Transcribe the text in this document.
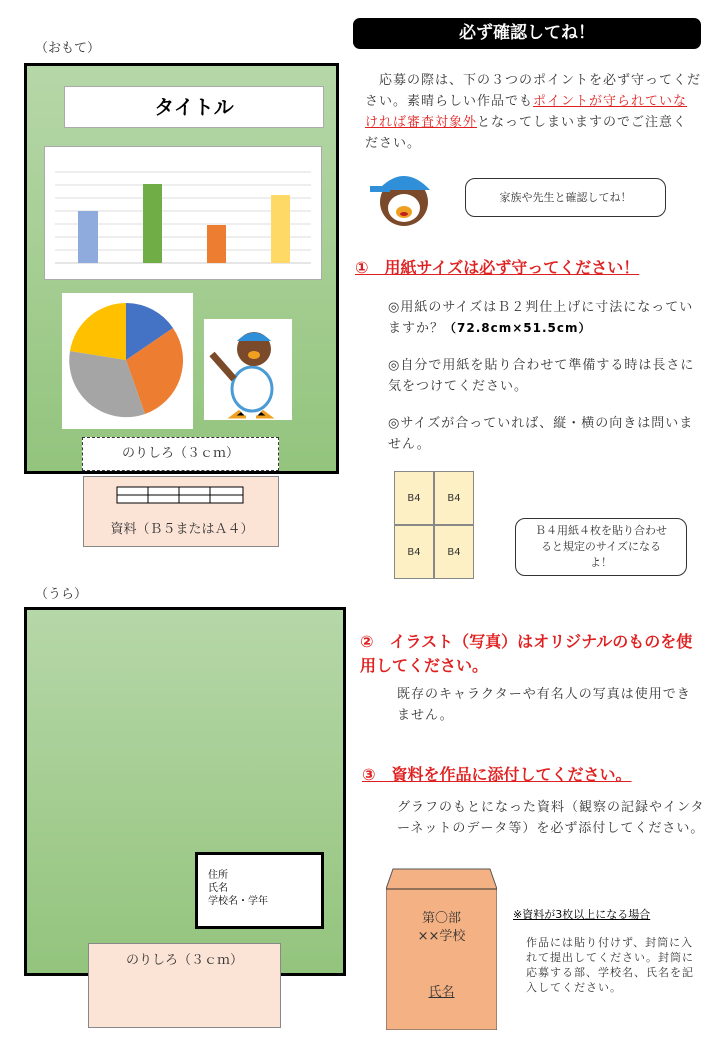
（おもて）
タイトル
のりしろ（３ｃｍ）
資料（Ｂ５またはＡ４）
（うら）
住所
氏名
学校名・学年
のりしろ（３ｃｍ）
必ず確認してね！
　応募の際は、下の３つのポイントを必ず守ってください。素晴らしい作品でもポイントが守られていなければ審査対象外となってしまいますのでご注意ください。
家族や先生と確認してね！
①　用紙サイズは必ず守ってください！
◎用紙のサイズはＢ２判仕上げに寸法になっていますか？（72.8cm×51.5cm）
◎自分で用紙を貼り合わせて準備する時は長さに気をつけてください。
◎サイズが合っていれば、縦・横の向きは問いません。
B4	B4
B4	B4
Ｂ４用紙４枚を貼り合わせると規定のサイズになるよ！
②　イラスト（写真）はオリジナルのものを使用してください。
既存のキャラクターや有名人の写真は使用できません。
③　資料を作品に添付してください。
グラフのもとになった資料（観察の記録やインターネットのデータ等）を必ず添付してください。
第〇部
××学校
氏名
※資料が3枚以上になる場合
作品には貼り付けず、封筒に入れて提出してください。封筒に応募する部、学校名、氏名を記入してください。
